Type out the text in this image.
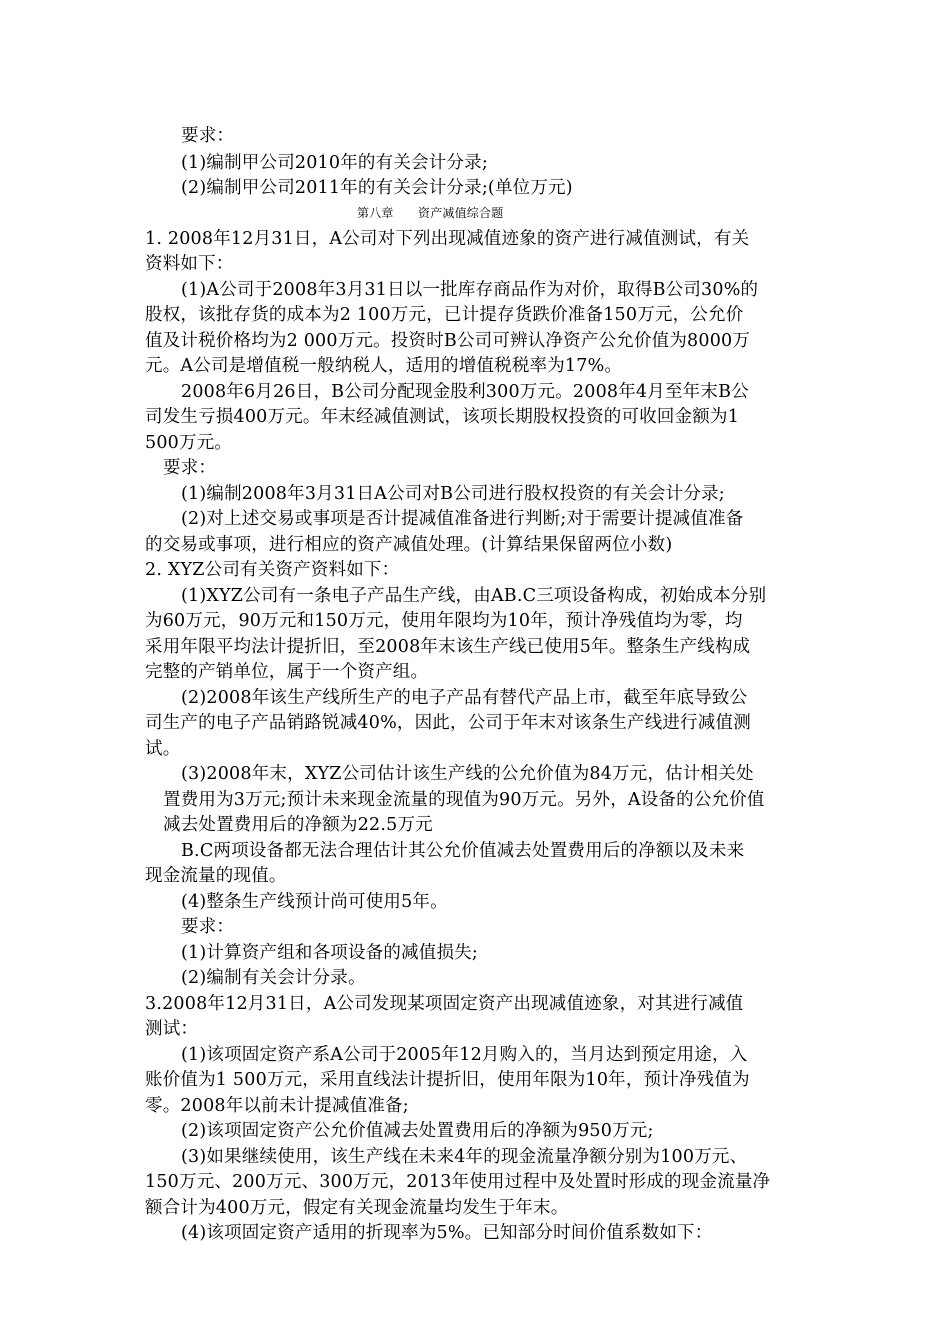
要求：
(1)编制甲公司2010年的有关会计分录;
(2)编制甲公司2011年的有关会计分录;(单位万元)
第八章　　资产减值综合题
1. 2008年12月31日，A公司对下列出现减值迹象的资产进行减值测试，有关
资料如下：
(1)A公司于2008年3月31日以一批库存商品作为对价，取得B公司30%的
股权，该批存货的成本为2 100万元，已计提存货跌价准备150万元，公允价
值及计税价格均为2 000万元。投资时B公司可辨认净资产公允价值为8000万
元。A公司是增值税一般纳税人，适用的增值税税率为17%。
2008年6月26日，B公司分配现金股利300万元。2008年4月至年末B公
司发生亏损400万元。年末经减值测试，该项长期股权投资的可收回金额为1
500万元。
要求：
(1)编制2008年3月31日A公司对B公司进行股权投资的有关会计分录;
(2)对上述交易或事项是否计提减值准备进行判断;对于需要计提减值准备
的交易或事项，进行相应的资产减值处理。(计算结果保留两位小数)
2. XYZ公司有关资产资料如下：
(1)XYZ公司有一条电子产品生产线，由AB.C三项设备构成，初始成本分别
为60万元，90万元和150万元，使用年限均为10年，预计净残值均为零，均
采用年限平均法计提折旧，至2008年末该生产线已使用5年。整条生产线构成
完整的产销单位，属于一个资产组。
(2)2008年该生产线所生产的电子产品有替代产品上市，截至年底导致公
司生产的电子产品销路锐减40%，因此，公司于年末对该条生产线进行减值测
试。
(3)2008年末，XYZ公司估计该生产线的公允价值为84万元，估计相关处
置费用为3万元;预计未来现金流量的现值为90万元。另外，A设备的公允价值
减去处置费用后的净额为22.5万元
B.C两项设备都无法合理估计其公允价值减去处置费用后的净额以及未来
现金流量的现值。
(4)整条生产线预计尚可使用5年。
要求：
(1)计算资产组和各项设备的减值损失;
(2)编制有关会计分录。
3.2008年12月31日，A公司发现某项固定资产出现减值迹象，对其进行减值
测试：
(1)该项固定资产系A公司于2005年12月购入的，当月达到预定用途，入
账价值为1 500万元，采用直线法计提折旧，使用年限为10年，预计净残值为
零。2008年以前未计提减值准备;
(2)该项固定资产公允价值减去处置费用后的净额为950万元;
(3)如果继续使用，该生产线在未来4年的现金流量净额分别为100万元、
150万元、200万元、300万元，2013年使用过程中及处置时形成的现金流量净
额合计为400万元，假定有关现金流量均发生于年末。
(4)该项固定资产适用的折现率为5%。已知部分时间价值系数如下：
